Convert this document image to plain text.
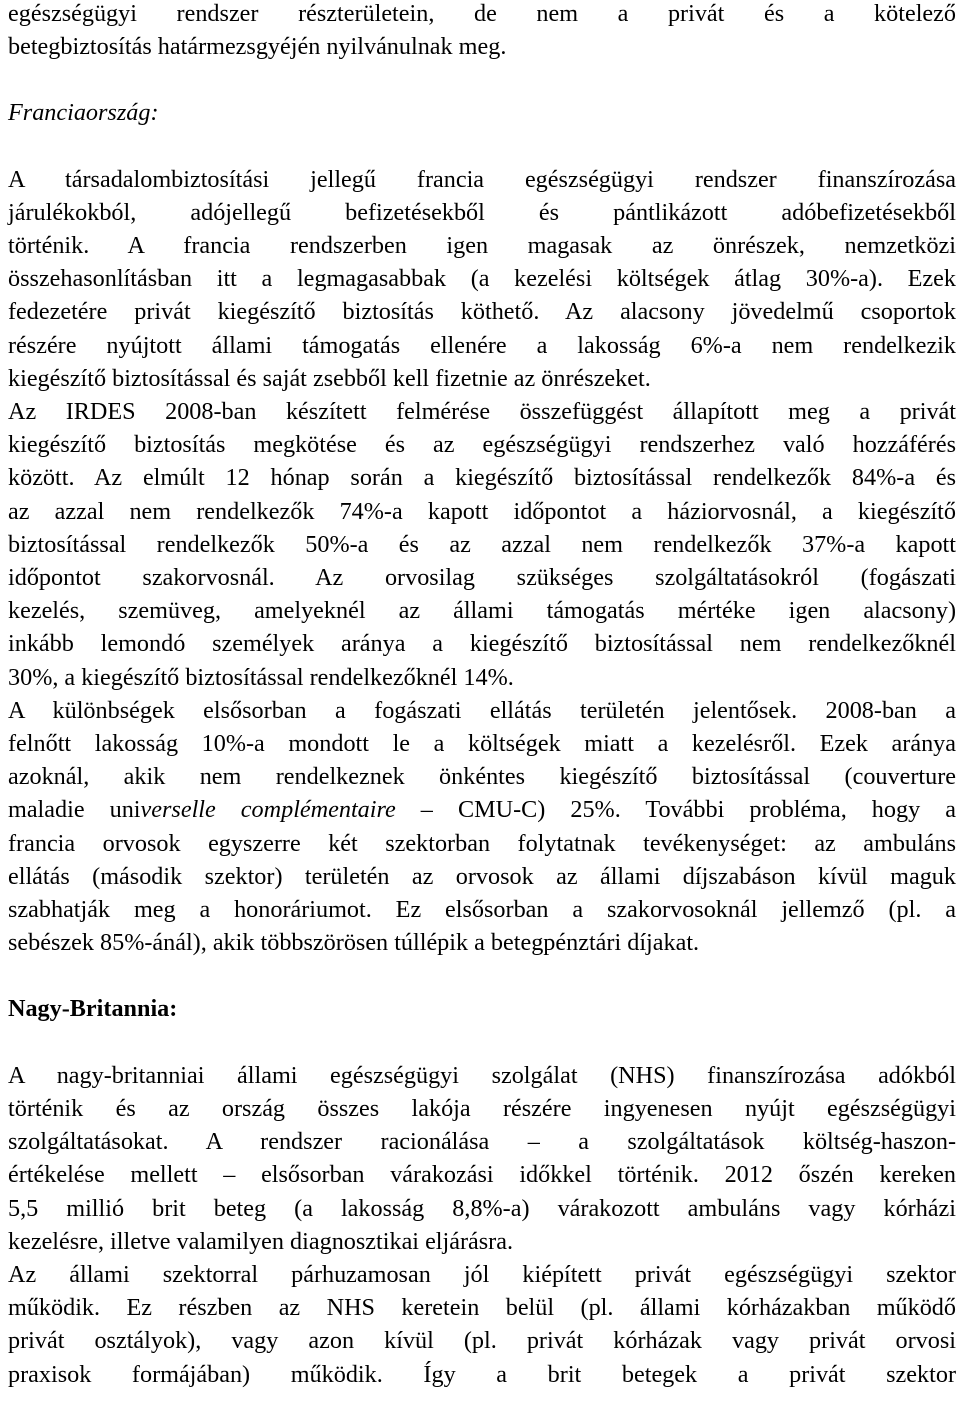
egészségügyi rendszer részterületein, de nem a privát és a kötelező
betegbiztosítás határmezsgyéjén nyilvánulnak meg.

Franciaország:

A társadalombiztosítási jellegű francia egészségügyi rendszer finanszírozása
járulékokból, adójellegű befizetésekből és pántlikázott adóbefizetésekből
történik. A francia rendszerben igen magasak az önrészek, nemzetközi
összehasonlításban itt a legmagasabbak (a kezelési költségek átlag 30%-a). Ezek
fedezetére privát kiegészítő biztosítás köthető. Az alacsony jövedelmű csoportok
részére nyújtott állami támogatás ellenére a lakosság 6%-a nem rendelkezik
kiegészítő biztosítással és saját zsebből kell fizetnie az önrészeket.
Az IRDES 2008-ban készített felmérése összefüggést állapított meg a privát
kiegészítő biztosítás megkötése és az egészségügyi rendszerhez való hozzáférés
között. Az elmúlt 12 hónap során a kiegészítő biztosítással rendelkezők 84%-a és
az azzal nem rendelkezők 74%-a kapott időpontot a háziorvosnál, a kiegészítő
biztosítással rendelkezők 50%-a és az azzal nem rendelkezők 37%-a kapott
időpontot szakorvosnál. Az orvosilag szükséges szolgáltatásokról (fogászati
kezelés, szemüveg, amelyeknél az állami támogatás mértéke igen alacsony)
inkább lemondó személyek aránya a kiegészítő biztosítással nem rendelkezőknél
30%, a kiegészítő biztosítással rendelkezőknél 14%.
A különbségek elsősorban a fogászati ellátás területén jelentősek. 2008-ban a
felnőtt lakosság 10%-a mondott le a költségek miatt a kezelésről. Ezek aránya
azoknál, akik nem rendelkeznek önkéntes kiegészítő biztosítással (couverture
maladie universelle complémentaire – CMU-C) 25%. További probléma, hogy a
francia orvosok egyszerre két szektorban folytatnak tevékenységet: az ambuláns
ellátás (második szektor) területén az orvosok az állami díjszabáson kívül maguk
szabhatják meg a honoráriumot. Ez elsősorban a szakorvosoknál jellemző (pl. a
sebészek 85%-ánál), akik többszörösen túllépik a betegpénztári díjakat.

Nagy-Britannia:

A nagy-britanniai állami egészségügyi szolgálat (NHS) finanszírozása adókból
történik és az ország összes lakója részére ingyenesen nyújt egészségügyi
szolgáltatásokat. A rendszer racionálása – a szolgáltatások költség-haszon-
értékelése mellett – elsősorban várakozási időkkel történik. 2012 őszén kereken
5,5 millió brit beteg (a lakosság 8,8%-a) várakozott ambuláns vagy kórházi
kezelésre, illetve valamilyen diagnosztikai eljárásra.
Az állami szektorral párhuzamosan jól kiépített privát egészségügyi szektor
működik. Ez részben az NHS keretein belül (pl. állami kórházakban működő
privát osztályok), vagy azon kívül (pl. privát kórházak vagy privát orvosi
praxisok formájában) működik. Így a brit betegek a privát szektor
